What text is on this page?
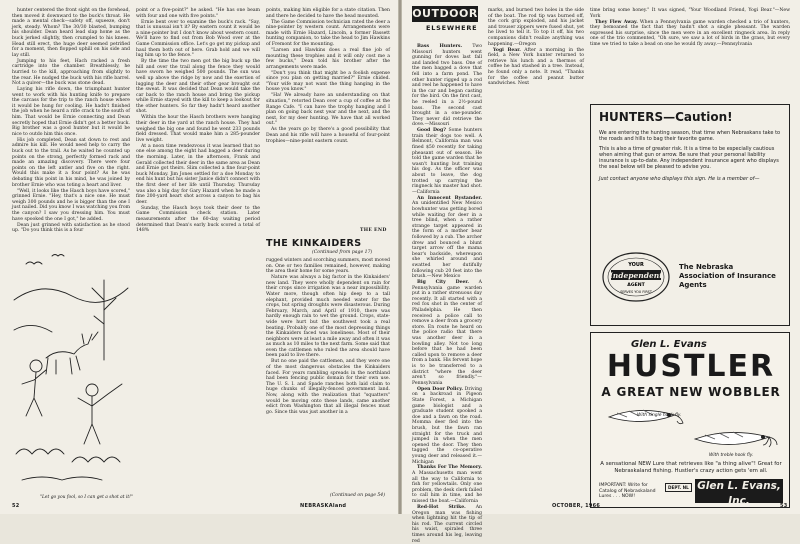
hunter centered the front sight on the forehead, then moved it downward to the buck's throat. He made a mental check—safety off, squeeze, don't jerk, steady. Whom? The 30/30 blasted, bumping his shoulder. Dean heard lead slap home as the buck jerked slightly, then crumpled to his knees. Head still erect, the huge deer seemed petrified for a moment, then flopped uphill on his side and lay still.

Jumping to his feet, Hach racked a fresh cartridge into the chamber. Breathlessly, he hurried to the kill, approaching from slightly to the rear. He nudged the buck with his rifle barrel. Not a quiver—the buck was stone dead.

Laying his rifle down, the triumphant hunter went to work with his hunting knife to prepare the carcass for the trip to the ranch house where it would be hung for cooling. He hadn't finished the job when he heard a rifle crack to the south of him. That would be Ernie connecting and Dean secretly hoped that Ernie didn't get a better buck. Big brother was a good hunter but it would be nice to outdo him this once.

His job completed, Dean sat down to rest and admire his kill. He would need help to carry the buck out to the trail. As he waited he counted up points on the strong, perfectly formed rack and made an amazing discovery. There were four points on the left antler and five on the right. Would this make it a four point? As he was debating this point in his mind, he was joined by brother Ernie who was toting a heart and liver.

"Well, it looks like the Hasch boys have scored," grinned Ernie. "Hey, that's a nice one. He must weigh 300 pounds and he is bigger than the one I just nailed. Did you know I was watching you from the canyon? I saw you dressing him. You must have spooked the one I got," he added.

Dean just grinned with satisfaction as he stood up. "Do you think this is a four

point or a five-point?" he asked. "He has one beam with four and one with five points."

Ernie bent over to examine the buck's rack. "Say, that is unusual isn't it? By eastern count it would be a nine-pointer but I don't know about western count. We'll have to find out from Bob Wood over at the Game Commission office. Let's go get my pickup and haul them both out of here. Grab hold and we will lug him up to the fence."

By the time the two men got the big buck up the hill and over the trail along the fence they would have sworn he weighed 500 pounds. The sun was well up above the ridge by now and the exertion of lugging the deer and their other gear brought out the sweat. It was decided that Dean would take the car back to the ranch house and bring the pickup while Ernie stayed with the kill to keep a lookout for the other hunters. So far they hadn't heard another shot.

Within the hour the Hasch brothers were hanging their deer in the yard at the ranch house. They had weighed the big one and found he went 233 pounds field dressed. That would make him a 285-pounder live weight.

At a noon time rendezvous it was learned that no one else among the eight had bagged a deer during the morning. Later, in the afternoon, Frank and Gerald collected their deer in the same area as Dean and Ernie got theirs. Slim collected a fine four-point buck Monday. Jim Jones settled for a doe Monday to end his hunt but his sister Janice didn't connect with the first deer of her life until Thursday. Thursday was also a big day for Gary Hazard when he made a fine 200-yard heart shot across a canyon to bag his deer.

Sunday, the Hasch boys took their deer to the Game Commission check station. Later measurements after the 60-day waiting period determined that Dean's early buck scored a total of 148%

points, making him eligible for a state citation. Then and there he decided to have the head mounted.

The Game Commission technician rated the deer a nine-pointer by western count. Arrangements were made with Ernie Hazard, Lincoln, a former Bassett hunting companion, to take the head to Jim Hawkins of Fremont for the mounting.

"Larsen and Hawkins does a real fine job of mounting these trophies and it will only cost me a few bucks," Dean told his brother after the arrangements were made.

"Don't you think that might be a foolish expense since you plan on getting married?" Ernie chided. "Your wife may not want the thing hanging in the house you know."

"Ha! We already have an understanding on that situation," retorted Dean over a cup of coffee at the Range Cafe. "I can have the trophy hanging and I plan on going back next year and the next, and the next, for my deer hunting. We have that all worked out."

As the years go by there's a good possibility that Dean and his rifle will have a houseful of four-point trophies—nine-point eastern count.

THE END
THE KINKAIDERS
(Continued from page 17)

rugged winters and scorching summers, most moved on. One or two families remained, however, making the area their home for some years.

Nature was always a big factor in the Kinkaiders' new land. They were wholly dependent on rain for their crops since irrigation was a near impossibility. Water more, though often hip deep to a tall elephant, provided much needed water for the crops, but spring droughts were disasterous. During February, March, and April of 1910, there was hardly enough rain to wet the ground. Crops, state-wide were hurt but the southwest took a real beating. Probably one of the most depressing things the Kinkaiders faced was loneliness. Most of their neighbors were at least a mile away and often it was as much as 10 miles to the next farm. Some said that even the cattlemen who ruled the area should have been paid to live there.

But no one paid the cattlemen, and they were one of the most dangerous obstacles the Kinkaiders faced. For years rambling spreads in the northland had been fencing public domain for their own use. The U. S. I. and Spade ranches both laid claim to huge chunks of illegally-fenced government land. Now, along with the realization that "squatters" would be moving onto these lands, came another edict from Washington that all illegal fences must go. Since this was just another in a

(Continued on page 54)
"Let go you fool, so I can get a shot at it!"
52	NEBRASKAland
OUTDOOR
ELSEWHERE

Bass Hunters. Two Missouri hunters went gunning for doves last fall and landed two bass. One of the men bagged a dove that fell into a farm pond. The other hunter rigged up a rod and reel he happened to have in the car and began casting for the bird. On the first cast, he reeled in a 2½-pound bass. The second cast brought in a one-pounder. They never did retrieve the dove.—Missouri

Good Dog? Some hunters train their dogs too well. A Belmont, California man was fined $50 recently for taking pheasant out of season. He told the game warden that he wasn't hunting but training his dog. As the officer was about to leave, the dog trotted up carrying the ringneck his master had shot.—California

An Innocent Bystander. An unidentified New Mexico bowhunter was getting bored while waiting for deer in a tree blind, when a rather strange target appeared in the form of a mother bear followed by a cub. The archer drew and bounced a blunt target arrow off the mama bear's backside, whereupon she whirled around and swatted her dutifully following cub 20 feet into the brush.—New Mexico

Big City Deer. A Pennsylvania game warden put in a rather strenuous day recently. It all started with a red fox shot in the center of Philadelphia. He then received a police call to remove a deer from a grocery store. En route he heard on the police radio that there was another deer in a bowling alley. Not too long before that he had been called upon to remove a deer from a bank. His fervent hope is to be transferred to a district "where the deer aren't so friendly."—Pennsylvania

Open Door Policy. Driving on a backroad in Pigeon State Forest, a Michigan game biologist and a graduate student spooked a doe and a fawn on the road. Momma deer fled into the brush, but the fawn ran straight for the truck and jumped in when the men opened the door. They then tagged the co-operative young deer and released it.—Michigan

Thanks For The Memory. A Massachusetts man went all the way to California to fish for yellowtails. Only one problem, the desk clerk failed to call him in time, and he missed the boat.—California

Red-Hot Strike. An Oregon man was fishing when lightning hit the tip of his rod. The current circled his waist, spiraled three times around his leg, leaving red

marks, and burned two holes in the side of the boat. The rod tip was burned off, the cork grip exploded, and his jacket and trouser zippers were fused shut, yet he lived to tell it. To top it off, his two companions didn't realize anything was happening.—Oregon

Yogi Bear. After a morning in the field, a New York hunter returned to retrieve his lunch and a thermos of coffee he had stashed in a tree. Instead, he found only a note. It read, "Thanks for the coffee and peanut butter sandwiches. Next

time bring some honey." It was signed, "Your Woodland Friend, Yogi Bear."—New York

They Flew Away. When a Pennsylvania game warden checked a trio of hunters, they bemoaned the fact that they hadn't shot a single pheasant. The warden expressed his surprise, since the men were in an excellent ringneck area. In reply one of the trio commented, "Oh sure, we saw a lot of birds in the grass, but every time we tried to take a bead on one he would fly away.—Pennsylvania

HUNTERS—Caution!

We are entering the hunting season, that time when Nebraskans take to the roads and hills to bag their favorite game.

This is also a time of greater risk. It is a time to be especially cautious when aiming that gun or arrow. Be sure that your personal liability insurance is up-to-date. Any independent insurance agent who displays the seal below will be pleased to advise you.

Just contact anyone who displays this sign. He is a member of—

YOUR
Independent
AGENT
SERVES YOU FIRST
The Nebraska Association of Insurance Agents
Glen L. Evans
HUSTLER
A GREAT NEW WOBBLER
With single hook fly.
With treble hook fly.
A sensational NEW Lure that retrieves like "a thing alive"! Great for Nebraskaland fishing. Hustler's crazy action gets 'em all.
IMPORTANT: Write for Catalog of Nebraskaland Lures . . . NOW!
DEPT. NL Glen L. Evans, Inc.
CALDWELL, IDAHO
OCTOBER, 1966	53
